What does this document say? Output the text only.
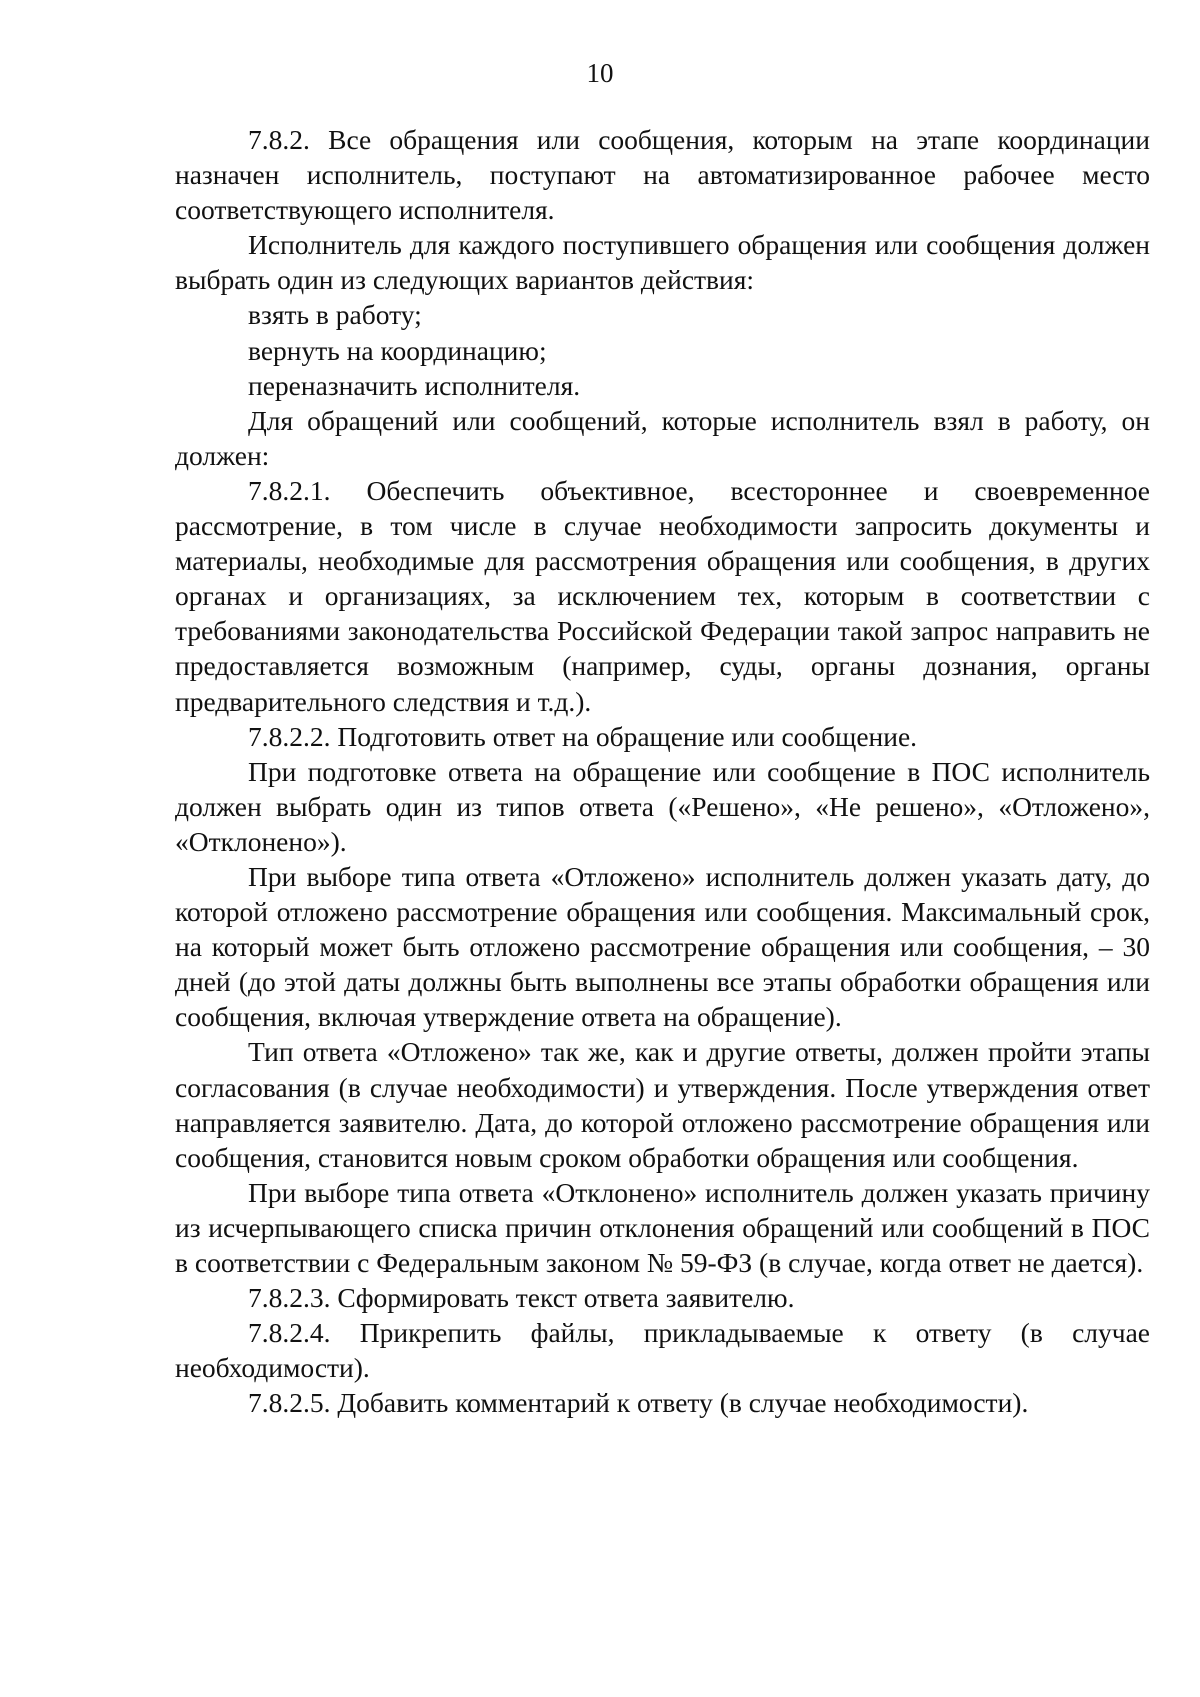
10

7.8.2. Все обращения или сообщения, которым на этапе координации назначен исполнитель, поступают на автоматизированное рабочее место соответствующего исполнителя.

Исполнитель для каждого поступившего обращения или сообщения должен выбрать один из следующих вариантов действия:

взять в работу;

вернуть на координацию;

переназначить исполнителя.

Для обращений или сообщений, которые исполнитель взял в работу, он должен:

7.8.2.1. Обеспечить объективное, всестороннее и своевременное рассмотрение, в том числе в случае необходимости запросить документы и материалы, необходимые для рассмотрения обращения или сообщения, в других органах и организациях, за исключением тех, которым в соответствии с требованиями законодательства Российской Федерации такой запрос направить не предоставляется возможным (например, суды, органы дознания, органы предварительного следствия и т.д.).

7.8.2.2. Подготовить ответ на обращение или сообщение.

При подготовке ответа на обращение или сообщение в ПОС исполнитель должен выбрать один из типов ответа («Решено», «Не решено», «Отложено», «Отклонено»).

При выборе типа ответа «Отложено» исполнитель должен указать дату, до которой отложено рассмотрение обращения или сообщения. Максимальный срок, на который может быть отложено рассмотрение обращения или сообщения, – 30 дней (до этой даты должны быть выполнены все этапы обработки обращения или сообщения, включая утверждение ответа на обращение).

Тип ответа «Отложено» так же, как и другие ответы, должен пройти этапы согласования (в случае необходимости) и утверждения. После утверждения ответ направляется заявителю. Дата, до которой отложено рассмотрение обращения или сообщения, становится новым сроком обработки обращения или сообщения.

При выборе типа ответа «Отклонено» исполнитель должен указать причину из исчерпывающего списка причин отклонения обращений или сообщений в ПОС в соответствии с Федеральным законом № 59-ФЗ (в случае, когда ответ не дается).

7.8.2.3. Сформировать текст ответа заявителю.

7.8.2.4. Прикрепить файлы, прикладываемые к ответу (в случае необходимости).

7.8.2.5. Добавить комментарий к ответу (в случае необходимости).
